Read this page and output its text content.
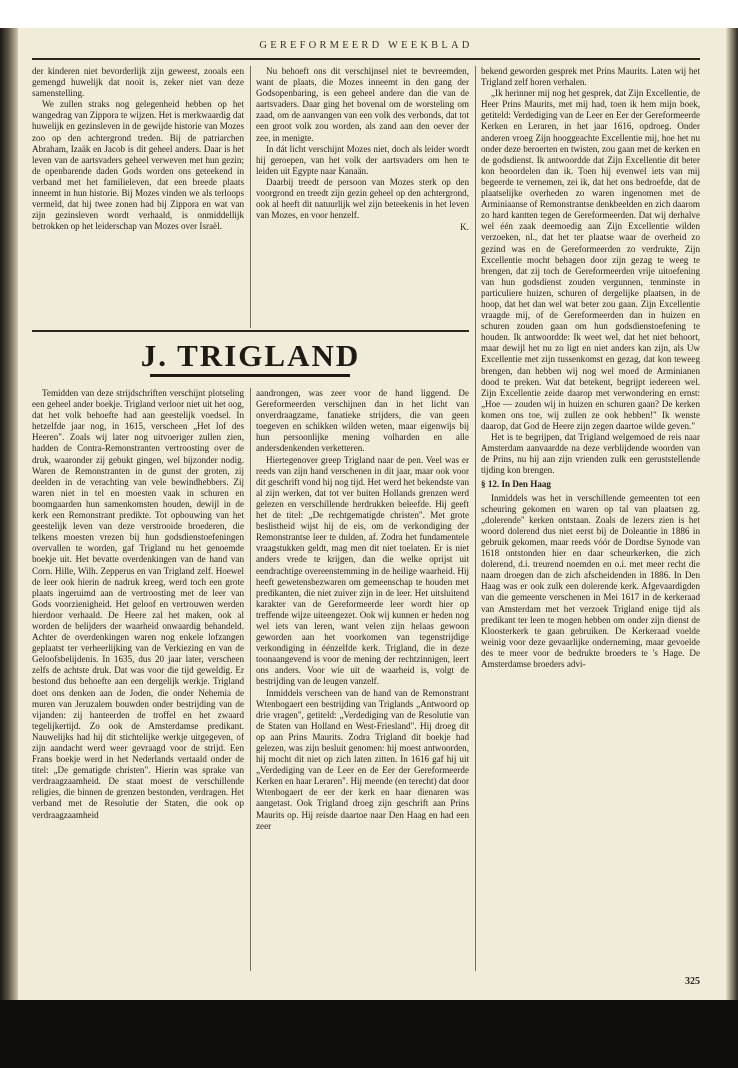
GEREFORMEERD WEEKBLAD

der kinderen niet bevorderlijk zijn geweest, zooals een gemengd huwelijk dat nooit is, zeker niet van deze samenstelling.

We zullen straks nog gelegenheid hebben op het wangedrag van Zippora te wijzen. Het is merkwaardig dat huwelijk en gezinsleven in de gewijde historie van Mozes zoo op den achtergrond treden. Bij de patriarchen Abraham, Izaäk en Jacob is dit geheel anders. Daar is het leven van de aartsvaders geheel verweven met hun gezin; de openbarende daden Gods worden ons geteekend in verband met het familieleven, dat een breede plaats inneemt in hun historie. Bij Mozes vinden we als terloops vermeld, dat hij twee zonen had bij Zippora en wat van zijn gezinsleven wordt verhaald, is onmiddellijk betrokken op het leiderschap van Mozes over Israël.

Nu behoeft ons dit verschijnsel niet te bevreemden, want de plaats, die Mozes inneemt in den gang der Godsopenbaring, is een geheel andere dan die van de aartsvaders. Daar ging het bovenal om de worsteling om zaad, om de aanvangen van een volk des verbonds, dat tot een groot volk zou worden, als zand aan den oever der zee, in menigte.

In dát licht verschijnt Mozes niet, doch als leider wordt hij geroepen, van het volk der aartsvaders om hen te leiden uit Egypte naar Kanaän.

Daarbij treedt de persoon van Mozes sterk op den voorgrond en treedt zijn gezin geheel op den achtergrond, ook al heeft dit natuurlijk wel zijn beteekenis in het leven van Mozes, en voor henzelf.

K.
J. TRIGLAND

bekend geworden gesprek met Prins Maurits. Laten wij het Trigland zelf horen verhalen.

„Ik herinner mij nog het gesprek, dat Zijn Excellentie, de Heer Prins Maurits, met mij had, toen ik hem mijn boek, getiteld: Verdediging van de Leer en Eer der Gereformeerde Kerken en Leraren, in het jaar 1616, opdroeg. Onder anderen vroeg Zijn hooggeachte Excellentie mij, hoe het nu onder deze beroerten en twisten, zou gaan met de kerken en de godsdienst. Ik antwoordde dat Zijn Excellentie dit beter kon beoordelen dan ik. Toen hij evenwel iets van mij begeerde te vernemen, zei ik, dat het ons bedroefde, dat de plaatselijke overheden zo waren ingenomen met de Arminiaanse of Remonstrantse denkbeelden en zich daarom zo hard kantten tegen de Gereformeerden. Dat wij derhalve wel één zaak deemoedig aan Zijn Excellentie wilden verzoeken, nl., dat het ter plaatse waar de overheid zo gezind was en de Gereformeerden zo verdrukte, Zijn Excellentie mocht behagen door zijn gezag te weeg te brengen, dat zij toch de Gereformeerden vrije uitoefening van hun godsdienst zouden vergunnen, tenminste in particuliere huizen, schuren of dergelijke plaatsen, in de hoop, dat het dan wel wat beter zou gaan. Zijn Excellentie vraagde mij, of de Gereformeerden dan in huizen en schuren zouden gaan om hun godsdienstoefening te houden. Ik antwoordde: Ik weet wel, dat het niet behoort, maar dewijl het nu zo ligt en niet anders kan zijn, als Uw Excellentie met zijn tussenkomst en gezag, dat kon teweeg brengen, dan hebben wij nog wel moed de Arminianen dood te preken. Wat dat betekent, begrijpt iedereen wel. Zijn Excellentie zeide daarop met verwondering en ernst: „Hoe — zouden wij in huizen en schuren gaan? De kerken komen ons toe, wij zullen ze ook hebben!" Ik wenste daarop, dat God de Heere zijn zegen daartoe wilde geven."

Het is te begrijpen, dat Trigland welgemoed de reis naar Amsterdam aanvaardde na deze verblijdende woorden van de Prins, nu hij aan zijn vrienden zulk een geruststellende tijding kon brengen.

§ 12. In Den Haag

Inmiddels was het in verschillende gemeenten tot een scheuring gekomen en waren op tal van plaatsen zg. „dolerende" kerken ontstaan. Zoals de lezers zien is het woord dolerend dus niet eerst bij de Doleantie in 1886 in gebruik gekomen, maar reeds vóór de Dordtse Synode van 1618 ontstonden hier en daar scheurkerken, die zich dolerend, d.i. treurend noemden en o.i. met meer recht die naam droegen dan de zich afscheidenden in 1886. In Den Haag was er ook zulk een dolerende kerk. Afgevaardigden van die gemeente verschenen in Mei 1617 in de kerkeraad van Amsterdam met het verzoek Trigland enige tijd als predikant ter leen te mogen hebben om onder zijn dienst de Kloosterkerk te gaan gebruiken. De Kerkeraad voelde weinig voor deze gevaarlijke onderneming, maar gevoelde des te meer voor de bedrukte broeders te 's Hage. De Amsterdamse broeders advi-

Temidden van deze strijdschriften verschijnt plotseling een geheel ander boekje. Trigland verloor niet uit het oog, dat het volk behoefte had aan geestelijk voedsel. In hetzelfde jaar nog, in 1615, verscheen „Het lof des Heeren". Zoals wij later nog uitvoeriger zullen zien, hadden de Contra-Remonstranten vertroosting over de druk, waaronder zij gebukt gingen, wel bijzonder nodig. Waren de Remonstranten in de gunst der groten, zij deelden in de verachting van vele bewindhebbers. Zij waren niet in tel en moesten vaak in schuren en boomgaarden hun samenkomsten houden, dewijl in de kerk een Remonstrant predikte. Tot opbouwing van het geestelijk leven van deze verstrooide broederen, die telkens moesten vrezen bij hun godsdienstoefeningen overvallen te worden, gaf Trigland nu het genoemde boekje uit. Het bevatte overdenkingen van de hand van Corn. Hille, Wilh. Zepperus en van Trigland zelf. Hoewel de leer ook hierin de nadruk kreeg, werd toch een grote plaats ingeruimd aan de vertroosting met de leer van Gods voorzienigheid. Het geloof en vertrouwen werden hierdoor verhaald. De Heere zal het maken, ook al worden de belijders der waarheid onwaardig behandeld. Achter de overdenkingen waren nog enkele lofzangen geplaatst ter verheerlijking van de Verkiezing en van de Geloofsbelijdenis. In 1635, dus 20 jaar later, verscheen zelfs de achtste druk. Dat was voor die tijd geweldig. Er bestond dus behoefte aan een dergelijk werkje. Trigland doet ons denken aan de Joden, die onder Nehemia de muren van Jeruzalem bouwden onder bestrijding van de vijanden: zij hanteerden de troffel en het zwaard tegelijkertijd. Zo ook de Amsterdamse predikant. Nauwelijks had hij dit stichtelijke werkje uitgegeven, of zijn aandacht werd weer gevraagd voor de strijd. Een Frans boekje werd in het Nederlands vertaald onder de titel: „De gematigde christen". Hierin was sprake van verdraagzaamheid. De staat moest de verschillende religies, die binnen de grenzen bestonden, verdragen. Het verband met de Resolutie der Staten, die ook op verdraagzaamheid

aandrongen, was zeer voor de hand liggend. De Gereformeerden verschijnen dan in het licht van onverdraagzame, fanatieke strijders, die van geen toegeven en schikken wilden weten, maar eigenwijs bij hun persoonlijke mening volharden en alle andersdenkenden verketteren.

Hiertegenover greep Trigland naar de pen. Veel was er reeds van zijn hand verschenen in dit jaar, maar ook voor dit geschrift vond hij nog tijd. Het werd het bekendste van al zijn werken, dat tot ver buiten Hollands grenzen werd gelezen en verschillende herdrukken beleefde. Hij geeft het de titel: „De rechtgematigde christen". Met grote beslistheid wijst hij de eis, om de verkondiging der Remonstrantse leer te dulden, af. Zodra het fundamentele vraagstukken geldt, mag men dit niet toelaten. Er is niet anders vrede te krijgen, dan die welke oprijst uit eendrachtige overeenstemming in de heilige waarheid. Hij heeft gewetensbezwaren om gemeenschap te houden met predikanten, die niet zuiver zijn in de leer. Het uitsluitend karakter van de Gereformeerde leer wordt hier op treffende wijze uiteengezet. Ook wij kunnen er heden nog wel iets van leren, want velen zijn helaas gewoon geworden aan het voorkomen van tegenstrijdige verkondiging in éénzelfde kerk. Trigland, die in deze toonaangevend is voor de mening der rechtzinnigen, leert ons anders. Voor wie uit de waarheid is, volgt de bestrijding van de leugen vanzelf.

Inmiddels verscheen van de hand van de Remonstrant Wtenbogaert een bestrijding van Triglands „Antwoord op drie vragen", getiteld: „Verdediging van de Resolutie van de Staten van Holland en West-Friesland". Hij droeg dit op aan Prins Maurits. Zodra Trigland dit boekje had gelezen, was zijn besluit genomen: hij moest antwoorden, hij mocht dit niet op zich laten zitten. In 1616 gaf hij uit „Verdediging van de Leer en de Eer der Gereformeerde Kerken en haar Leraren". Hij meende (en terecht) dat door Wtenbogaert de eer der kerk en haar dienaren was aangetast. Ook Trigland droeg zijn geschrift aan Prins Maurits op. Hij reisde daartoe naar Den Haag en had een zeer

325
